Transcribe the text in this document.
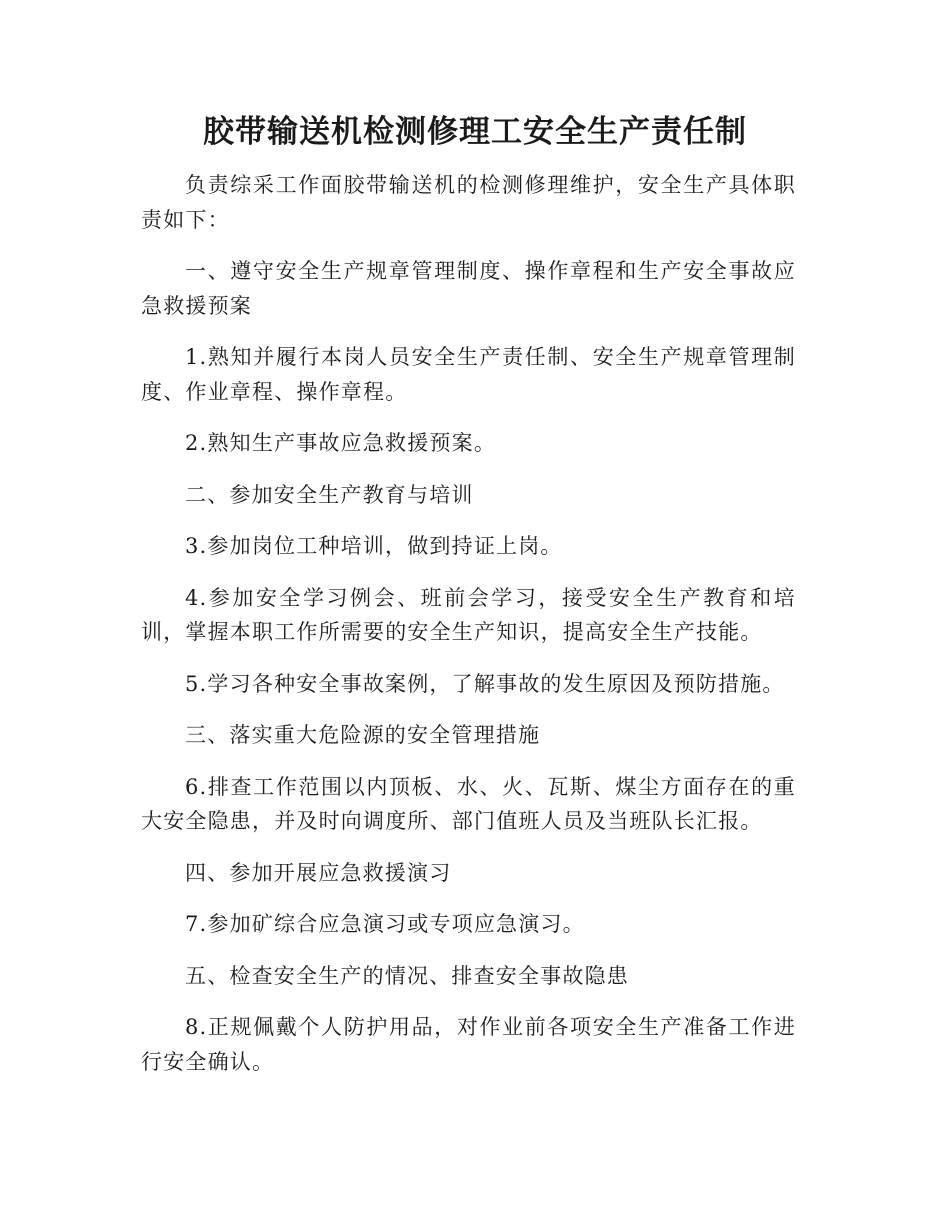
胶带输送机检测修理工安全生产责任制

负责综采工作面胶带输送机的检测修理维护，安全生产具体职责如下：

一、遵守安全生产规章管理制度、操作章程和生产安全事故应急救援预案

1.熟知并履行本岗人员安全生产责任制、安全生产规章管理制度、作业章程、操作章程。

2.熟知生产事故应急救援预案。

二、参加安全生产教育与培训

3.参加岗位工种培训，做到持证上岗。

4.参加安全学习例会、班前会学习，接受安全生产教育和培训，掌握本职工作所需要的安全生产知识，提高安全生产技能。

5.学习各种安全事故案例，了解事故的发生原因及预防措施。

三、落实重大危险源的安全管理措施

6.排查工作范围以内顶板、水、火、瓦斯、煤尘方面存在的重大安全隐患，并及时向调度所、部门值班人员及当班队长汇报。

四、参加开展应急救援演习

7.参加矿综合应急演习或专项应急演习。

五、检查安全生产的情况、排查安全事故隐患

8.正规佩戴个人防护用品，对作业前各项安全生产准备工作进行安全确认。
